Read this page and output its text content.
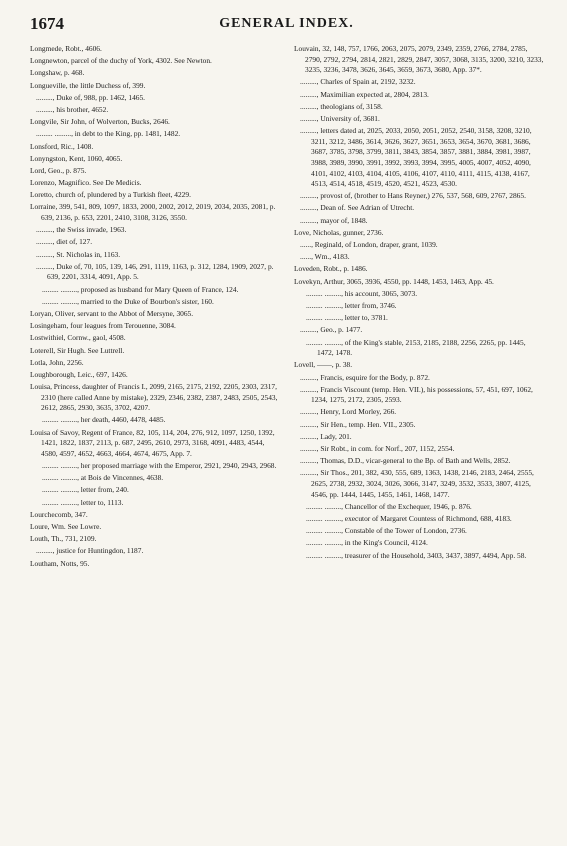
1674	GENERAL INDEX.
Longmede, Robt., 4606.
Longnewton, parcel of the duchy of York, 4302. See Newton.
Longshaw, p. 468.
Longueville, the little Duchess of, 399.
........., Duke of, 988, pp. 1462, 1465.
........., his brother, 4652.
Longvile, Sir John, of Wolverton, Bucks, 2646.
......... ........., in debt to the King, pp. 1481, 1482.
Lonsford, Ric., 1408.
Lonyngston, Kent, 1060, 4065.
Lord, Geo., p. 875.
Lorenzo, Magnifico. See De Medicis.
Loretto, church of, plundered by a Turkish fleet, 4229.
Lorraine, 399, 541, 809, 1097, 1833, 2000, 2002, 2012, 2019, 2034, 2035, 2081, p. 639, 2136, p. 653, 2201, 2410, 3108, 3126, 3550.
........., the Swiss invade, 1963.
........., diet of, 127.
........., St. Nicholas in, 1163.
........., Duke of, 70, 105, 139, 146, 291, 1119, 1163, p. 312, 1284, 1909, 2027, p. 639, 2201, 3314, 4091, App. 5.
......... ........., proposed as husband for Mary Queen of France, 124.
......... ........., married to the Duke of Bourbon's sister, 160.
Loryan, Oliver, servant to the Abbot of Mersyne, 3065.
Losingeham, four leagues from Terouenne, 3084.
Lostwithiel, Cornw., gaol, 4508.
Loterell, Sir Hugh. See Luttrell.
Lotla, John, 2256.
Loughborough, Leic., 697, 1426.
Louisa, Princess, daughter of Francis I., 2099, 2165, 2175, 2192, 2205, 2303, 2317, 2310 (here called Anne by mistake), 2329, 2346, 2382, 2387, 2483, 2505, 2543, 2612, 2865, 2930, 3635, 3702, 4207.
......... ........., her death, 4460, 4478, 4485.
Louisa of Savoy, Regent of France, 82, 105, 114, 204, 276, 912, 1097, 1250, 1392, 1421, 1822, 1837, 2113, p. 687, 2495, 2610, 2973, 3168, 4091, 4483, 4544, 4580, 4597, 4652, 4663, 4664, 4674, 4675, App. 7.
......... ........., her proposed marriage with the Emperor, 2921, 2940, 2943, 2968.
......... ........., at Bois de Vincennes, 4638.
......... ........., letter from, 240.
......... ........., letter to, 1113.
Lourchecomb, 347.
Loure, Wm. See Lowre.
Louth, Th., 731, 2109.
........., justice for Huntingdon, 1187.
Loutham, Notts, 95.
Louvain, 32, 148, 757, 1766, 2063, 2075, 2079, 2349, 2359, 2766, 2784, 2785, 2790, 2792, 2794, 2814, 2821, 2829, 2847, 3057, 3068, 3135, 3200, 3210, 3233, 3235, 3236, 3478, 3626, 3645, 3659, 3673, 3680, App. 37*.
........., Charles of Spain at, 2192, 3232.
........., Maximilian expected at, 2804, 2813.
........., theologians of, 3158.
........., University of, 3681.
........., letters dated at, 2025, 2033, 2050, 2051, 2052, 2540, 3158, 3208, 3210, 3211, 3212, 3486, 3614, 3626, 3627, 3651, 3653, 3654, 3670, 3681, 3686, 3687, 3785, 3798, 3799, 3811, 3843, 3854, 3857, 3881, 3884, 3981, 3987, 3988, 3989, 3990, 3991, 3992, 3993, 3994, 3995, 4005, 4007, 4052, 4090, 4101, 4102, 4103, 4104, 4105, 4106, 4107, 4110, 4111, 4115, 4138, 4167, 4513, 4514, 4518, 4519, 4520, 4521, 4523, 4530.
........., provost of, (brother to Hans Reyner,) 276, 537, 568, 609, 2767, 2865.
........., Dean of. See Adrian of Utrecht.
........., mayor of, 1848.
Love, Nicholas, gunner, 2736.
......, Reginald, of London, draper, grant, 1039.
......, Wm., 4183.
Loveden, Robt., p. 1486.
Lovekyn, Arthur, 3065, 3936, 4550, pp. 1448, 1453, 1463, App. 45.
......... ........., his account, 3065, 3073.
......... ........., letter from, 3746.
......... ........., letter to, 3781.
........., Geo., p. 1477.
......... ........., of the King's stable, 2153, 2185, 2188, 2256, 2265, pp. 1445, 1472, 1478.
Lovell, ——, p. 38.
........., Francis, esquire for the Body, p. 872.
........., Francis Viscount (temp. Hen. VII.), his possessions, 57, 451, 697, 1062, 1234, 1275, 2172, 2305, 2593.
........., Henry, Lord Morley, 266.
........., Sir Hen., temp. Hen. VII., 2305.
........., Lady, 201.
........., Sir Robt., in com. for Norf., 207, 1152, 2554.
........., Thomas, D.D., vicar-general to the Bp. of Bath and Wells, 2852.
........., Sir Thos., 201, 382, 430, 555, 689, 1363, 1438, 2146, 2183, 2464, 2555, 2625, 2738, 2932, 3024, 3026, 3066, 3147, 3249, 3532, 3533, 3807, 4125, 4546, pp. 1444, 1445, 1455, 1461, 1468, 1477.
......... ........., Chancellor of the Exchequer, 1946, p. 876.
......... ........., executor of Margaret Countess of Richmond, 688, 4183.
......... ........., Constable of the Tower of London, 2736.
......... ........., in the King's Council, 4124.
......... ........., treasurer of the Household, 3403, 3437, 3897, 4494, App. 58.
